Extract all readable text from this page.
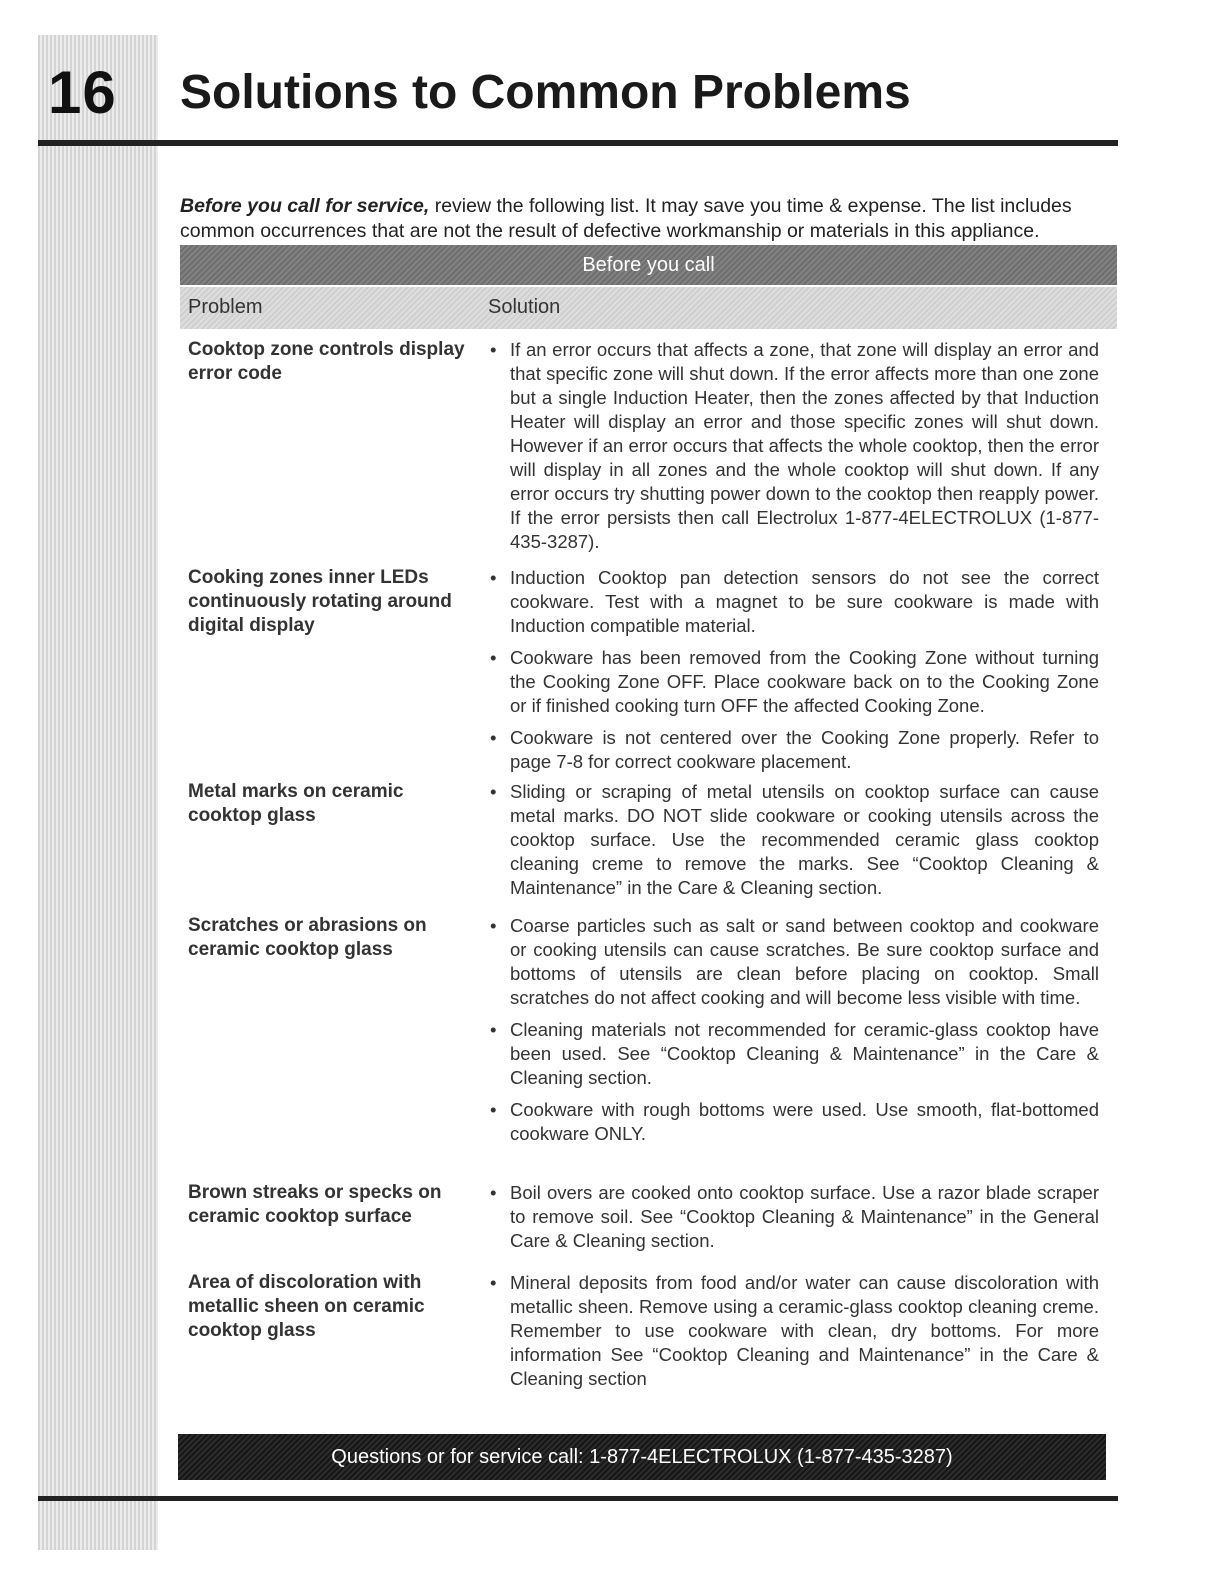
16 Solutions to Common Problems

Before you call for service, review the following list. It may save you time & expense. The list includes common occurrences that are not the result of defective workmanship or materials in this appliance.

Before you call
Problem	Solution
Cooktop zone controls display error code
• If an error occurs that affects a zone, that zone will display an error and that specific zone will shut down. If the error affects more than one zone but a single Induction Heater, then the zones affected by that Induction Heater will display an error and those specific zones will shut down. However if an error occurs that affects the whole cooktop, then the error will display in all zones and the whole cooktop will shut down. If any error occurs try shutting power down to the cooktop then reapply power. If the error persists then call Electrolux 1-877-4ELECTROLUX (1-877-435-3287).
Cooking zones inner LEDs continuously rotating around digital display
• Induction Cooktop pan detection sensors do not see the correct cookware. Test with a magnet to be sure cookware is made with Induction compatible material.
• Cookware has been removed from the Cooking Zone without turning the Cooking Zone OFF. Place cookware back on to the Cooking Zone or if finished cooking turn OFF the affected Cooking Zone.
• Cookware is not centered over the Cooking Zone properly. Refer to page 7-8 for correct cookware placement.
Metal marks on ceramic cooktop glass
• Sliding or scraping of metal utensils on cooktop surface can cause metal marks. DO NOT slide cookware or cooking utensils across the cooktop surface. Use the recommended ceramic glass cooktop cleaning creme to remove the marks. See “Cooktop Cleaning & Maintenance” in the Care & Cleaning section.
Scratches or abrasions on ceramic cooktop glass
• Coarse particles such as salt or sand between cooktop and cookware or cooking utensils can cause scratches. Be sure cooktop surface and bottoms of utensils are clean before placing on cooktop. Small scratches do not affect cooking and will become less visible with time.
• Cleaning materials not recommended for ceramic-glass cooktop have been used. See “Cooktop Cleaning & Maintenance” in the Care & Cleaning section.
• Cookware with rough bottoms were used. Use smooth, flat-bottomed cookware ONLY.
Brown streaks or specks on ceramic cooktop surface
• Boil overs are cooked onto cooktop surface. Use a razor blade scraper to remove soil. See “Cooktop Cleaning & Maintenance” in the General Care & Cleaning section.
Area of discoloration with metallic sheen on ceramic cooktop glass
• Mineral deposits from food and/or water can cause discoloration with metallic sheen. Remove using a ceramic-glass cooktop cleaning creme. Remember to use cookware with clean, dry bottoms. For more information See “Cooktop Cleaning and Maintenance” in the Care & Cleaning section
Questions or for service call: 1-877-4ELECTROLUX (1-877-435-3287)
